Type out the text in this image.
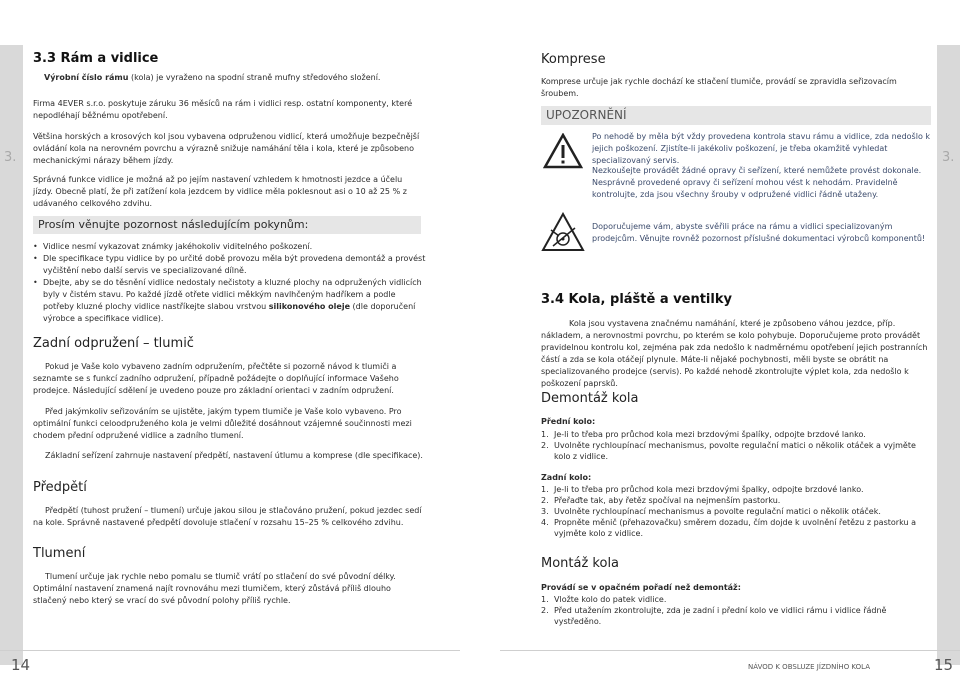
3.	3.
3.3 Rám a vidlice

Výrobní číslo rámu (kola) je vyraženo na spodní straně mufny středového složení.

Firma 4EVER s.r.o. poskytuje záruku 36 měsíců na rám i vidlici resp. ostatní komponenty, které nepodléhají běžnému opotřebení.

Většina horských a krosových kol jsou vybavena odpruženou vidlicí, která umožňuje bezpečnější ovládání kola na nerovném povrchu a výrazně snižuje namáhání těla i kola, které je způsobeno mechanickými nárazy během jízdy.

Správná funkce vidlice je možná až po jejím nastavení vzhledem k hmotnosti jezdce a účelu jízdy. Obecně platí, že při zatížení kola jezdcem by vidlice měla poklesnout asi o 10 až 25 % z udávaného celkového zdvihu.

Prosím věnujte pozornost následujícím pokynům:
• Vidlice nesmí vykazovat známky jakéhokoliv viditelného poškození.
• Dle specifikace typu vidlice by po určité době provozu měla být provedena demontáž a provést vyčištění nebo další servis ve specializované dílně.
• Dbejte, aby se do těsnění vidlice nedostaly nečistoty a kluzné plochy na odpružených vidlicích byly v čistém stavu. Po každé jízdě otřete vidlici měkkým navlhčeným hadříkem a podle potřeby kluzné plochy vidlice nastříkejte slabou vrstvou silikonového oleje (dle doporučení výrobce a specifikace vidlice).
Zadní odpružení – tlumič

Pokud je Vaše kolo vybaveno zadním odpružením, přečtěte si pozorně návod k tlumiči a seznamte se s funkcí zadního odpružení, případně požádejte o doplňující informace Vašeho prodejce. Následující sdělení je uvedeno pouze pro základní orientaci v zadním odpružení.

Před jakýmkoliv seřizováním se ujistěte, jakým typem tlumiče je Vaše kolo vybaveno. Pro optimální funkci celoodpruženého kola je velmi důležité dosáhnout vzájemné součinnosti mezi chodem přední odpružené vidlice a zadního tlumení.

Základní seřízení zahrnuje nastavení předpětí, nastavení útlumu a komprese (dle specifikace).

Předpětí

Předpětí (tuhost pružení – tlumení) určuje jakou silou je stlačováno pružení, pokud jezdec sedí na kole. Správně nastavené předpětí dovoluje stlačení v rozsahu 15–25 % celkového zdvihu.

Tlumení

Tlumení určuje jak rychle nebo pomalu se tlumič vrátí po stlačení do své původní délky. Optimální nastavení znamená najít rovnováhu mezi tlumičem, který zůstává příliš dlouho stlačený nebo který se vrací do své původní polohy příliš rychle.

14
Komprese

Komprese určuje jak rychle dochází ke stlačení tlumiče, provádí se zpravidla seřizovacím šroubem.

UPOZORNĚNÍ

Po nehodě by měla být vždy provedena kontrola stavu rámu a vidlice, zda nedošlo k jejich poškození. Zjistíte-li jakékoliv poškození, je třeba okamžitě vyhledat specializovaný servis.

Nezkoušejte provádět žádné opravy či seřízení, které nemůžete provést dokonale. Nesprávně provedené opravy či seřízení mohou vést k nehodám. Pravidelně kontrolujte, zda jsou všechny šrouby v odpružené vidlici řádně utaženy.

Doporučujeme vám, abyste svěřili práce na rámu a vidlici specializovaným prodejcům. Věnujte rovněž pozornost příslušné dokumentaci výrobců komponentů!

3.4 Kola, pláště a ventilky

Kola jsou vystavena značnému namáhání, které je způsobeno váhou jezdce, příp. nákladem, a nerovnostmi povrchu, po kterém se kolo pohybuje. Doporučujeme proto provádět pravidelnou kontrolu kol, zejména pak zda nedošlo k nadměrnému opotřebení jejich postranních částí a zda se kola otáčejí plynule. Máte-li nějaké pochybnosti, měli byste se obrátit na specializovaného prodejce (servis). Po každé nehodě zkontrolujte výplet kola, zda nedošlo k poškození paprsků.

Demontáž kola
Přední kolo:
1. Je-li to třeba pro průchod kola mezi brzdovými špalíky, odpojte brzdové lanko.
2. Uvolněte rychloupínací mechanismus, povolte regulační matici o několik otáček a vyjměte kolo z vidlice.
Zadní kolo:
1. Je-li to třeba pro průchod kola mezi brzdovými špalky, odpojte brzdové lanko.
2. Přeřaďte tak, aby řetěz spočíval na nejmenším pastorku.
3. Uvolněte rychloupínací mechanismus a povolte regulační matici o několik otáček.
4. Propněte měnič (přehazovačku) směrem dozadu, čím dojde k uvolnění řetězu z pastorku a vyjměte kolo z vidlice.
Montáž kola
Provádí se v opačném pořadí než demontáž:
1. Vložte kolo do patek vidlice.
2. Před utažením zkontrolujte, zda je zadní i přední kolo ve vidlici rámu i vidlice řádně vystředěno.
NÁVOD K OBSLUZE JÍZDNÍHO KOLA	15
